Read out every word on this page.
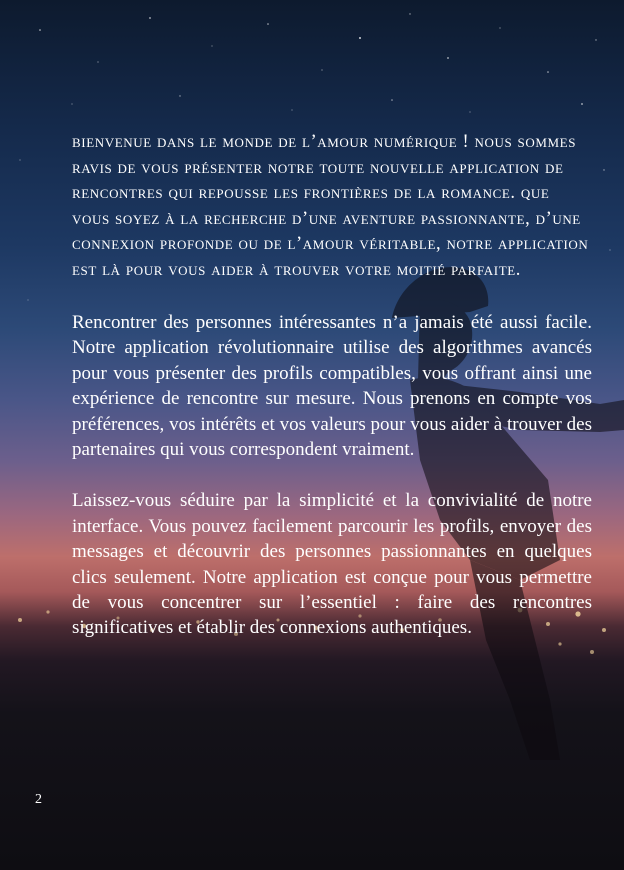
bienvenue dans le monde de l’amour numérique ! nous sommes ravis de vous présenter notre toute nouvelle application de rencontres qui repousse les frontières de la romance. que vous soyez à la recherche d’une aventure passionnante, d’une connexion profonde ou de l’amour véritable, notre application est là pour vous aider à trouver votre moitié parfaite.

Rencontrer des personnes intéressantes n’a jamais été aussi facile. Notre application révolutionnaire utilise des algorithmes avancés pour vous présenter des profils compatibles, vous offrant ainsi une expérience de rencontre sur mesure. Nous prenons en compte vos préférences, vos intérêts et vos valeurs pour vous aider à trouver des partenaires qui vous correspondent vraiment.

Laissez-vous séduire par la simplicité et la convivialité de notre interface. Vous pouvez facilement parcourir les profils, envoyer des messages et découvrir des personnes passionnantes en quelques clics seulement. Notre application est conçue pour vous permettre de vous concentrer sur l’essentiel : faire des rencontres significatives et établir des connexions authentiques.

2
